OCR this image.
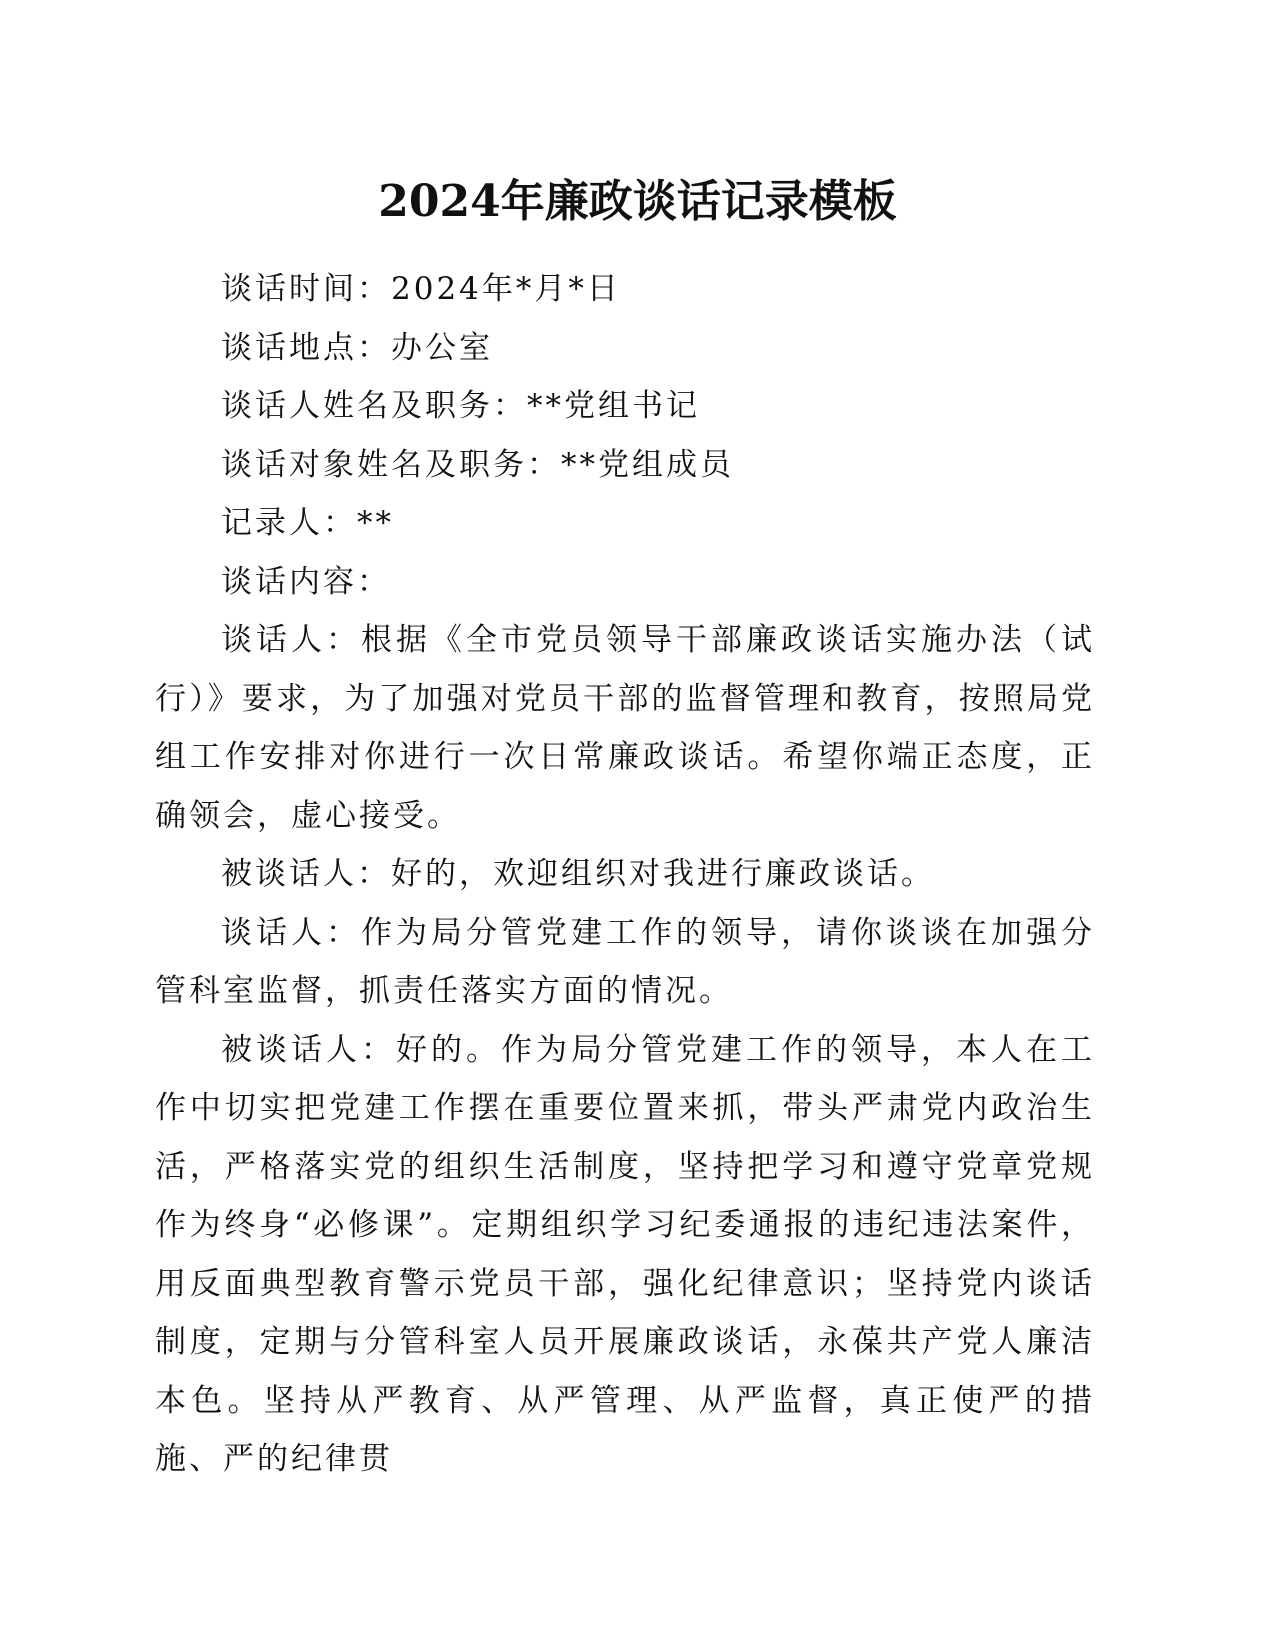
2024年廉政谈话记录模板

谈话时间：2024年*月*日

谈话地点：办公室

谈话人姓名及职务：**党组书记

谈话对象姓名及职务：**党组成员

记录人：**

谈话内容：

谈话人：根据《全市党员领导干部廉政谈话实施办法（试行）》要求，为了加强对党员干部的监督管理和教育，按照局党组工作安排对你进行一次日常廉政谈话。希望你端正态度，正确领会，虚心接受。

被谈话人：好的，欢迎组织对我进行廉政谈话。

谈话人：作为局分管党建工作的领导，请你谈谈在加强分管科室监督，抓责任落实方面的情况。

被谈话人：好的。作为局分管党建工作的领导，本人在工作中切实把党建工作摆在重要位置来抓，带头严肃党内政治生活，严格落实党的组织生活制度，坚持把学习和遵守党章党规作为终身“必修课”。定期组织学习纪委通报的违纪违法案件，用反面典型教育警示党员干部，强化纪律意识；坚持党内谈话制度，定期与分管科室人员开展廉政谈话，永葆共产党人廉洁本色。坚持从严教育、从严管理、从严监督，真正使严的措施、严的纪律贯
